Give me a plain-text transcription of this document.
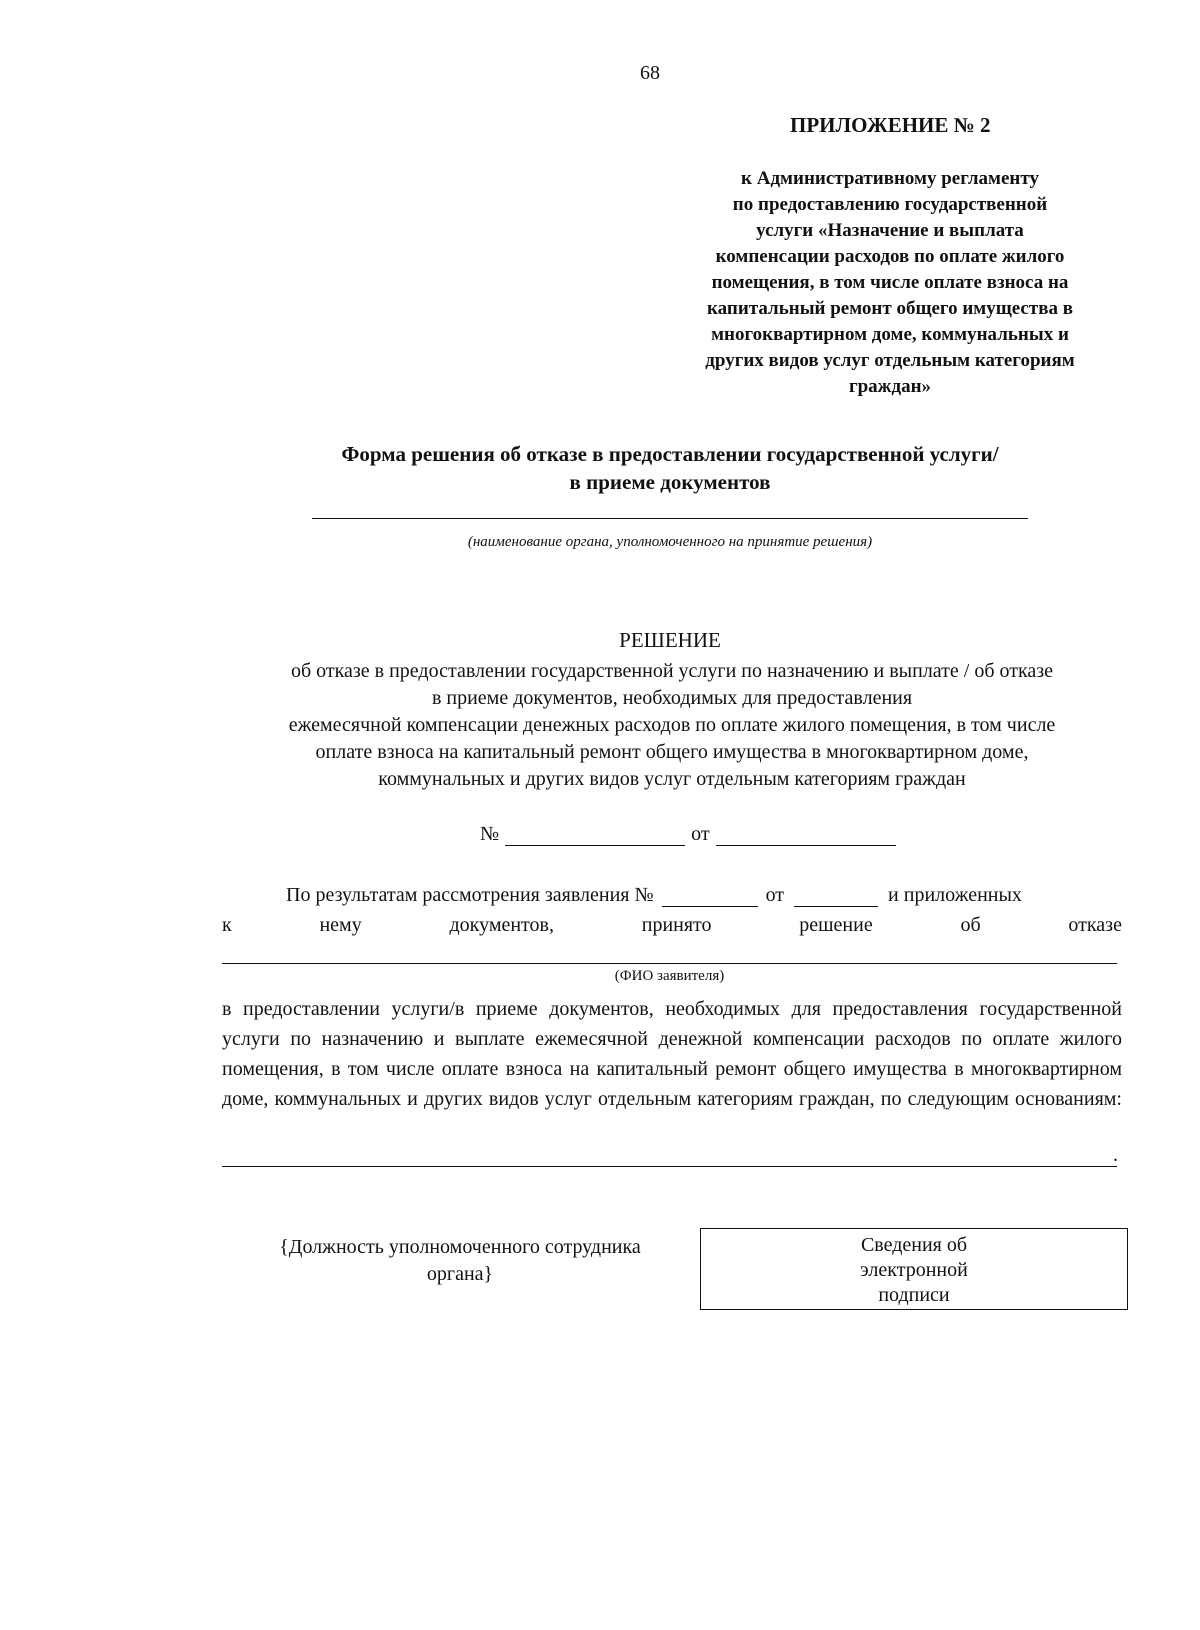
68
ПРИЛОЖЕНИЕ № 2
к Административному регламенту
по предоставлению государственной
услуги «Назначение и выплата
компенсации расходов по оплате жилого
помещения, в том числе оплате взноса на
капитальный ремонт общего имущества в
многоквартирном доме, коммунальных и
других видов услуг отдельным категориям
граждан»
Форма решения об отказе в предоставлении государственной услуги/
в приеме документов
(наименование органа, уполномоченного на принятие решения)
РЕШЕНИЕ
об отказе в предоставлении государственной услуги по назначению и выплате / об отказе
в приеме документов, необходимых для предоставления
ежемесячной компенсации денежных расходов по оплате жилого помещения, в том числе
оплате взноса на капитальный ремонт общего имущества в многоквартирном доме,
коммунальных и других видов услуг отдельным категориям граждан
№	от
По результатам рассмотрения заявления №	от	и приложенных
к	нему	документов,	принято	решение	об	отказе
(ФИО заявителя)
в предоставлении услуги/в приеме документов, необходимых для предоставления государственной услуги по назначению и выплате ежемесячной денежной компенсации расходов по оплате жилого помещения, в том числе оплате взноса на капитальный ремонт общего имущества в многоквартирном доме, коммунальных и других видов услуг отдельным категориям граждан, по следующим основаниям:
.
{Должность уполномоченного сотрудника
органа}
Сведения об
электронной
подписи
